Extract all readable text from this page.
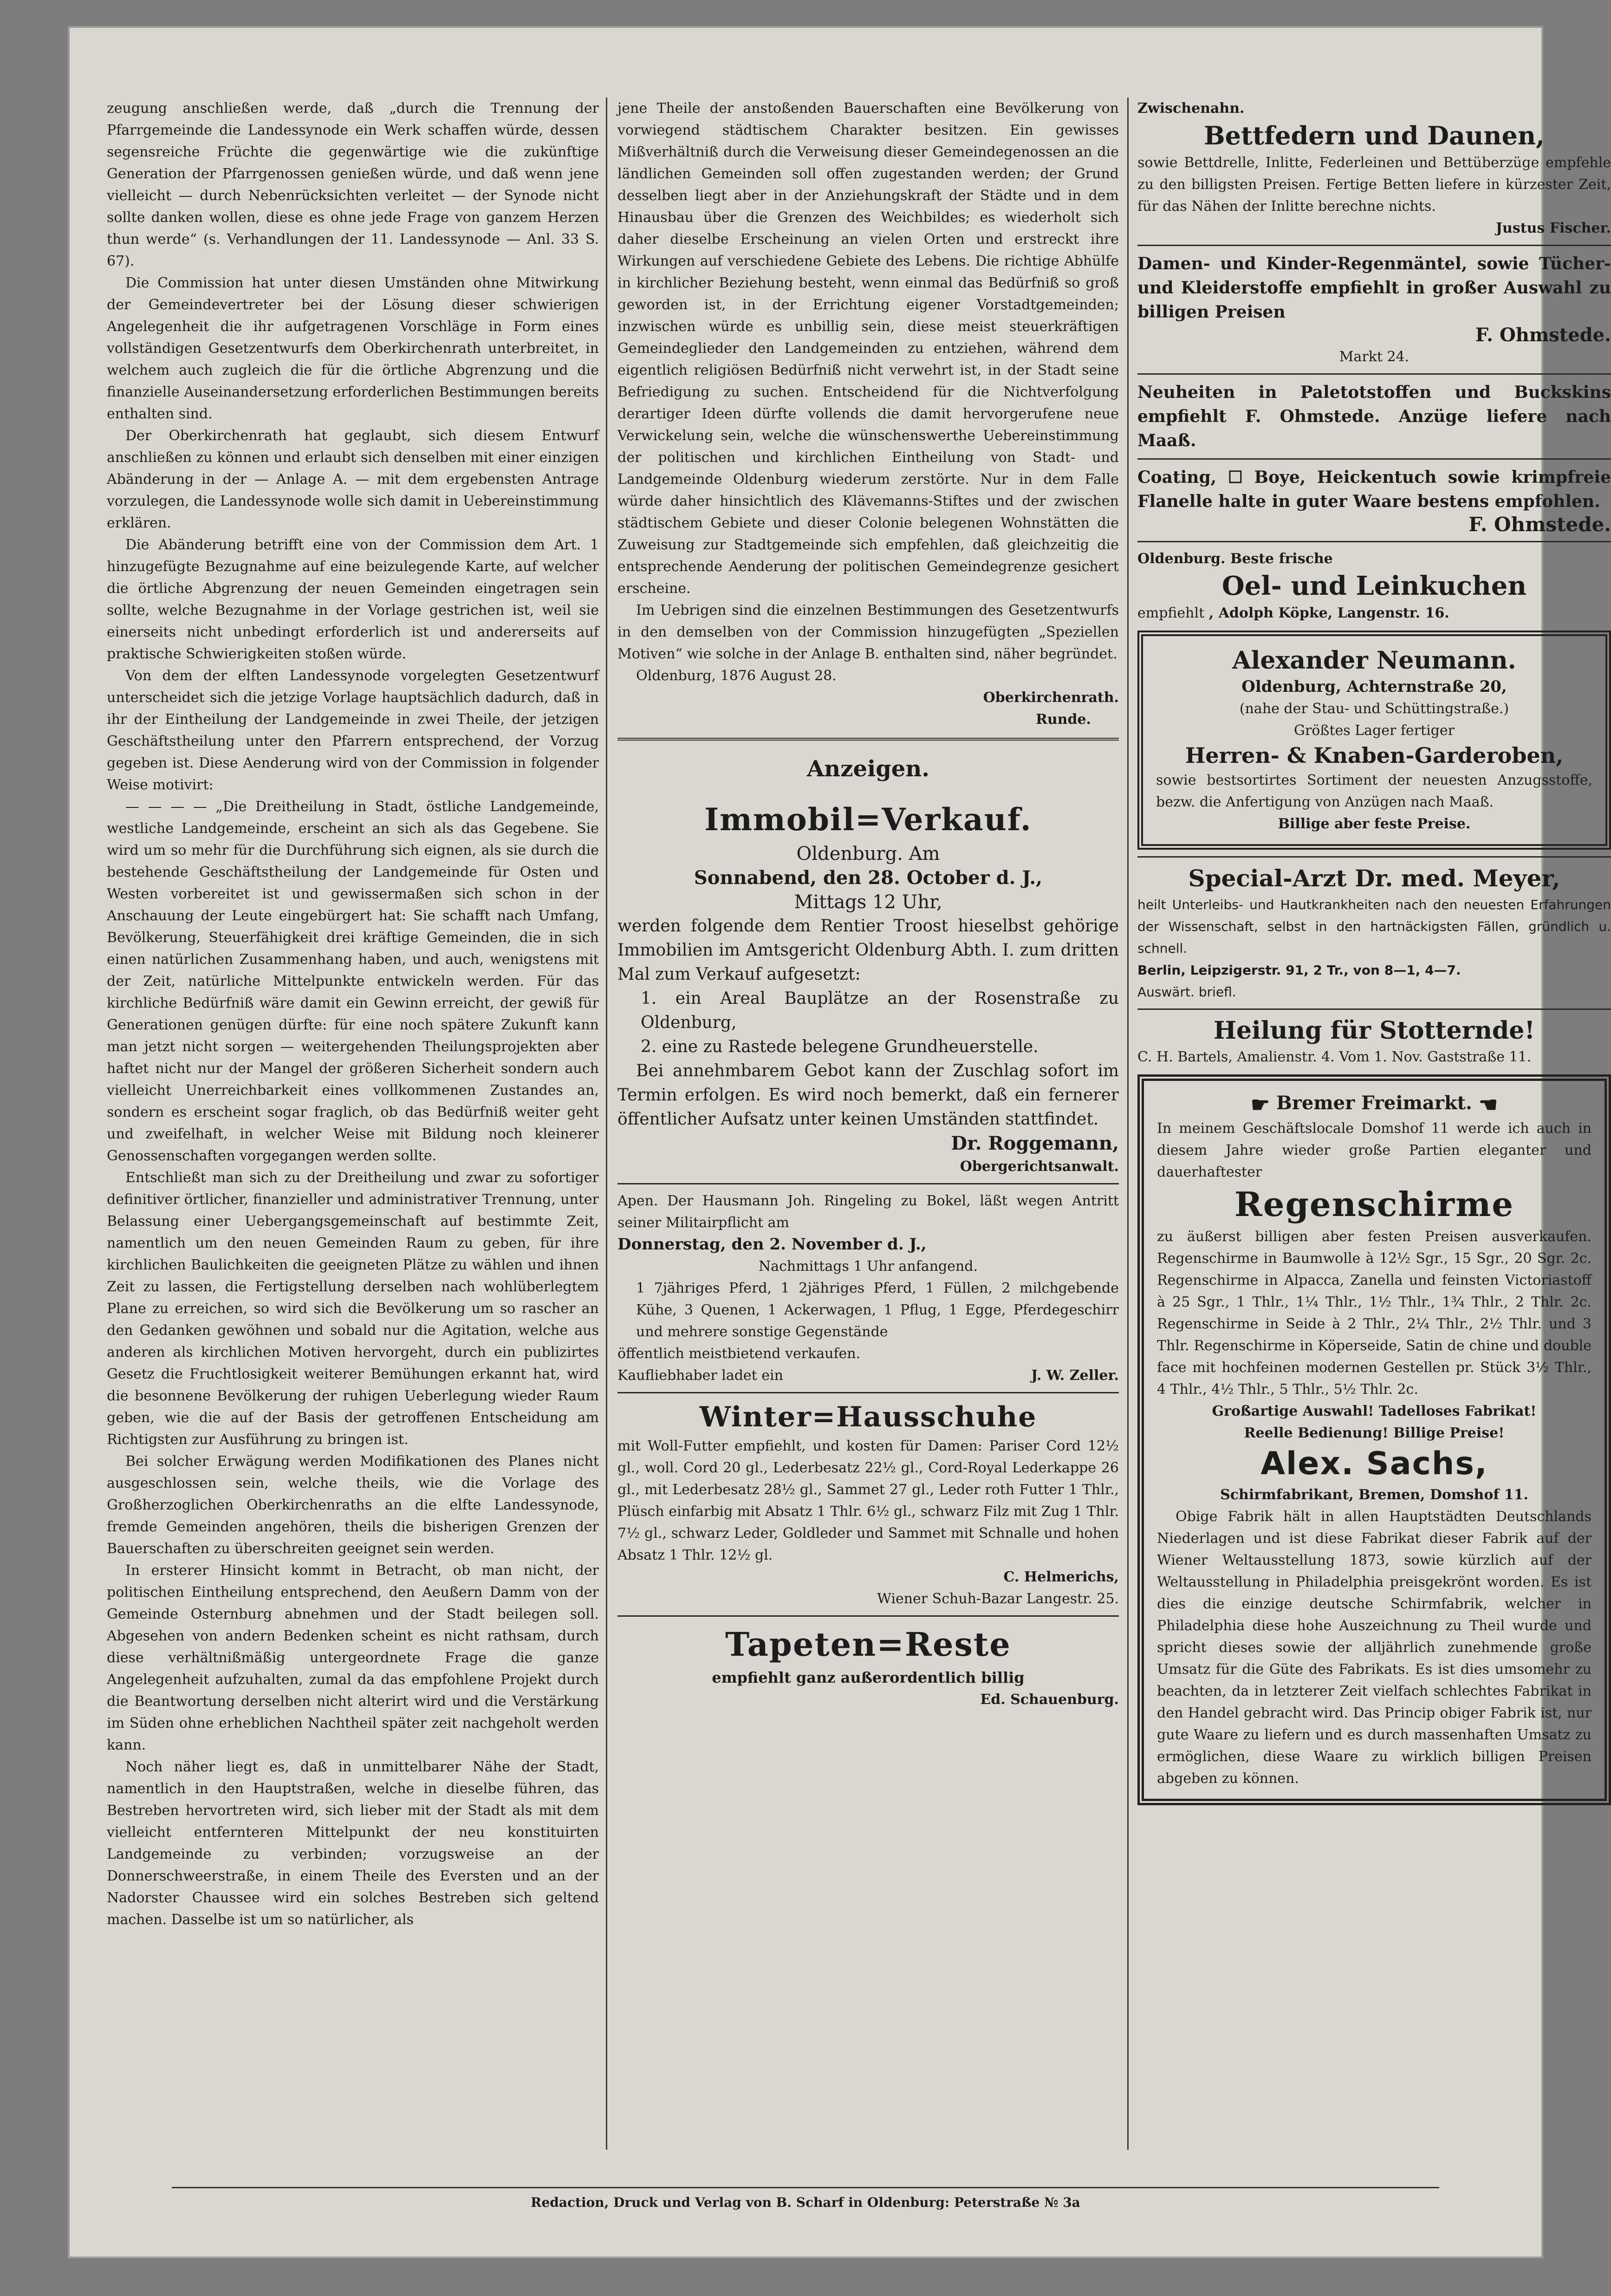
zeugung anschließen werde, daß „durch die Trennung der Pfarrgemeinde die Landessynode ein Werk schaffen würde, dessen segensreiche Früchte die gegenwärtige wie die zukünftige Generation der Pfarrgenossen genießen würde, und daß wenn jene vielleicht — durch Nebenrücksichten verleitet — der Synode nicht sollte danken wollen, diese es ohne jede Frage von ganzem Herzen thun werde“ (s. Verhandlungen der 11. Landessynode — Anl. 33 S. 67).

Die Commission hat unter diesen Umständen ohne Mitwirkung der Gemeindevertreter bei der Lösung dieser schwierigen Angelegenheit die ihr aufgetragenen Vorschläge in Form eines vollständigen Gesetzentwurfs dem Oberkirchenrath unterbreitet, in welchem auch zugleich die für die örtliche Abgrenzung und die finanzielle Auseinandersetzung erforderlichen Bestimmungen bereits enthalten sind.

Der Oberkirchenrath hat geglaubt, sich diesem Entwurf anschließen zu können und erlaubt sich denselben mit einer einzigen Abänderung in der — Anlage A. — mit dem ergebensten Antrage vorzulegen, die Landessynode wolle sich damit in Uebereinstimmung erklären.

Die Abänderung betrifft eine von der Commission dem Art. 1 hinzugefügte Bezugnahme auf eine beizulegende Karte, auf welcher die örtliche Abgrenzung der neuen Gemeinden eingetragen sein sollte, welche Bezugnahme in der Vorlage gestrichen ist, weil sie einerseits nicht unbedingt erforderlich ist und andererseits auf praktische Schwierigkeiten stoßen würde.

Von dem der elften Landessynode vorgelegten Gesetzentwurf unterscheidet sich die jetzige Vorlage hauptsächlich dadurch, daß in ihr der Eintheilung der Landgemeinde in zwei Theile, der jetzigen Geschäftstheilung unter den Pfarrern entsprechend, der Vorzug gegeben ist. Diese Aenderung wird von der Commission in folgender Weise motivirt:

— — — — „Die Dreitheilung in Stadt, östliche Landgemeinde, westliche Landgemeinde, erscheint an sich als das Gegebene. Sie wird um so mehr für die Durchführung sich eignen, als sie durch die bestehende Geschäftstheilung der Landgemeinde für Osten und Westen vorbereitet ist und gewissermaßen sich schon in der Anschauung der Leute eingebürgert hat: Sie schafft nach Umfang, Bevölkerung, Steuerfähigkeit drei kräftige Gemeinden, die in sich einen natürlichen Zusammenhang haben, und auch, wenigstens mit der Zeit, natürliche Mittelpunkte entwickeln werden. Für das kirchliche Bedürfniß wäre damit ein Gewinn erreicht, der gewiß für Generationen genügen dürfte: für eine noch spätere Zukunft kann man jetzt nicht sorgen — weitergehenden Theilungsprojekten aber haftet nicht nur der Mangel der größeren Sicherheit sondern auch vielleicht Unerreichbarkeit eines vollkommenen Zustandes an, sondern es erscheint sogar fraglich, ob das Bedürfniß weiter geht und zweifelhaft, in welcher Weise mit Bildung noch kleinerer Genossenschaften vorgegangen werden sollte.

Entschließt man sich zu der Dreitheilung und zwar zu sofortiger definitiver örtlicher, finanzieller und administrativer Trennung, unter Belassung einer Uebergangsgemeinschaft auf bestimmte Zeit, namentlich um den neuen Gemeinden Raum zu geben, für ihre kirchlichen Baulichkeiten die geeigneten Plätze zu wählen und ihnen Zeit zu lassen, die Fertigstellung derselben nach wohlüberlegtem Plane zu erreichen, so wird sich die Bevölkerung um so rascher an den Gedanken gewöhnen und sobald nur die Agitation, welche aus anderen als kirchlichen Motiven hervorgeht, durch ein publizirtes Gesetz die Fruchtlosigkeit weiterer Bemühungen erkannt hat, wird die besonnene Bevölkerung der ruhigen Ueberlegung wieder Raum geben, wie die auf der Basis der getroffenen Entscheidung am Richtigsten zur Ausführung zu bringen ist.

Bei solcher Erwägung werden Modifikationen des Planes nicht ausgeschlossen sein, welche theils, wie die Vorlage des Großherzoglichen Oberkirchenraths an die elfte Landessynode, fremde Gemeinden angehören, theils die bisherigen Grenzen der Bauerschaften zu überschreiten geeignet sein werden.

In ersterer Hinsicht kommt in Betracht, ob man nicht, der politischen Eintheilung entsprechend, den Aeußern Damm von der Gemeinde Osternburg abnehmen und der Stadt beilegen soll. Abgesehen von andern Bedenken scheint es nicht rathsam, durch diese verhältnißmäßig untergeordnete Frage die ganze Angelegenheit aufzuhalten, zumal da das empfohlene Projekt durch die Beantwortung derselben nicht alterirt wird und die Verstärkung im Süden ohne erheblichen Nachtheil später zeit nachgeholt werden kann.

Noch näher liegt es, daß in unmittelbarer Nähe der Stadt, namentlich in den Hauptstraßen, welche in dieselbe führen, das Bestreben hervortreten wird, sich lieber mit der Stadt als mit dem vielleicht entfernteren Mittelpunkt der neu konstituirten Landgemeinde zu verbinden; vorzugsweise an der Donnerschweerstraße, in einem Theile des Eversten und an der Nadorster Chaussee wird ein solches Bestreben sich geltend machen. Dasselbe ist um so natürlicher, als

jene Theile der anstoßenden Bauerschaften eine Bevölkerung von vorwiegend städtischem Charakter besitzen. Ein gewisses Mißverhältniß durch die Verweisung dieser Gemeindegenossen an die ländlichen Gemeinden soll offen zugestanden werden; der Grund desselben liegt aber in der Anziehungskraft der Städte und in dem Hinausbau über die Grenzen des Weichbildes; es wiederholt sich daher dieselbe Erscheinung an vielen Orten und erstreckt ihre Wirkungen auf verschiedene Gebiete des Lebens. Die richtige Abhülfe in kirchlicher Beziehung besteht, wenn einmal das Bedürfniß so groß geworden ist, in der Errichtung eigener Vorstadtgemeinden; inzwischen würde es unbillig sein, diese meist steuerkräftigen Gemeindeglieder den Landgemeinden zu entziehen, während dem eigentlich religiösen Bedürfniß nicht verwehrt ist, in der Stadt seine Befriedigung zu suchen. Entscheidend für die Nichtverfolgung derartiger Ideen dürfte vollends die damit hervorgerufene neue Verwickelung sein, welche die wünschenswerthe Uebereinstimmung der politischen und kirchlichen Eintheilung von Stadt- und Landgemeinde Oldenburg wiederum zerstörte. Nur in dem Falle würde daher hinsichtlich des Klävemanns-Stiftes und der zwischen städtischem Gebiete und dieser Colonie belegenen Wohnstätten die Zuweisung zur Stadtgemeinde sich empfehlen, daß gleichzeitig die entsprechende Aenderung der politischen Gemeindegrenze gesichert erscheine.

Im Uebrigen sind die einzelnen Bestimmungen des Gesetzentwurfs in den demselben von der Commission hinzugefügten „Speziellen Motiven“ wie solche in der Anlage B. enthalten sind, näher begründet.

Oldenburg, 1876 August 28.

Oberkirchenrath.
Runde.
Anzeigen.
Immobil=Verkauf.
Oldenburg. Am
Sonnabend, den 28. October d. J.,
Mittags 12 Uhr,
werden folgende dem Rentier Troost hieselbst gehörige Immobilien im Amtsgericht Oldenburg Abth. I. zum dritten Mal zum Verkauf aufgesetzt:
1. ein Areal Bauplätze an der Rosenstraße zu Oldenburg,
2. eine zu Rastede belegene Grundheuerstelle.
Bei annehmbarem Gebot kann der Zuschlag sofort im Termin erfolgen. Es wird noch bemerkt, daß ein fernerer öffentlicher Aufsatz unter keinen Umständen stattfindet.
Dr. Roggemann,
Obergerichtsanwalt.
Apen. Der Hausmann Joh. Ringeling zu Bokel, läßt wegen Antritt seiner Militairpflicht am
Donnerstag, den 2. November d. J.,
Nachmittags 1 Uhr anfangend.
1 7jähriges Pferd, 1 2jähriges Pferd, 1 Füllen, 2 milchgebende Kühe, 3 Quenen, 1 Ackerwagen, 1 Pflug, 1 Egge, Pferdegeschirr und mehrere sonstige Gegenstände
öffentlich meistbietend verkaufen.
Kaufliebhaber ladet ein	J. W. Zeller.
Winter=Hausschuhe
mit Woll-Futter empfiehlt, und kosten für Damen: Pariser Cord 12½ gl., woll. Cord 20 gl., Lederbesatz 22½ gl., Cord-Royal Lederkappe 26 gl., mit Lederbesatz 28½ gl., Sammet 27 gl., Leder roth Futter 1 Thlr., Plüsch einfarbig mit Absatz 1 Thlr. 6½ gl., schwarz Filz mit Zug 1 Thlr. 7½ gl., schwarz Leder, Goldleder und Sammet mit Schnalle und hohen Absatz 1 Thlr. 12½ gl.
C. Helmerichs,
Wiener Schuh-Bazar Langestr. 25.
Tapeten=Reste
empfiehlt ganz außerordentlich billig
Ed. Schauenburg.
Zwischenahn.
Bettfedern und Daunen,
sowie Bettdrelle, Inlitte, Federleinen und Bettüberzüge empfehle zu den billigsten Preisen. Fertige Betten liefere in kürzester Zeit, für das Nähen der Inlitte berechne nichts.
Justus Fischer.
Damen- und Kinder-Regenmäntel, sowie Tücher- und Kleiderstoffe empfiehlt in großer Auswahl zu billigen Preisen
F. Ohmstede.
Markt 24.
Neuheiten in Paletotstoffen und Buckskins empfiehlt F. Ohmstede. Anzüge liefere nach Maaß.
Coating, ☐ Boye, Heickentuch sowie krimpfreie Flanelle halte in guter Waare bestens empfohlen.
F. Ohmstede.
Oldenburg. Beste frische
Oel- und Leinkuchen
empfiehlt , Adolph Köpke, Langenstr. 16.
Alexander Neumann.
Oldenburg, Achternstraße 20,
(nahe der Stau- und Schüttingstraße.)
Größtes Lager fertiger
Herren- & Knaben-Garderoben,
sowie bestsortirtes Sortiment der neuesten Anzugsstoffe, bezw. die Anfertigung von Anzügen nach Maaß.
Billige aber feste Preise.
Special-Arzt Dr. med. Meyer,
heilt Unterleibs- und Hautkrankheiten nach den neuesten Erfahrungen der Wissenschaft, selbst in den hartnäckigsten Fällen, gründlich u. schnell.
Berlin, Leipzigerstr. 91, 2 Tr., von 8—1, 4—7.
Auswärt. briefl.
Heilung für Stotternde!
C. H. Bartels, Amalienstr. 4. Vom 1. Nov. Gaststraße 11.
☛ Bremer Freimarkt. ☚
In meinem Geschäftslocale Domshof 11 werde ich auch in diesem Jahre wieder große Partien eleganter und dauerhaftester
Regenschirme
zu äußerst billigen aber festen Preisen ausverkaufen. Regenschirme in Baumwolle à 12½ Sgr., 15 Sgr., 20 Sgr. 2c. Regenschirme in Alpacca, Zanella und feinsten Victoriastoff à 25 Sgr., 1 Thlr., 1¼ Thlr., 1½ Thlr., 1¾ Thlr., 2 Thlr. 2c. Regenschirme in Seide à 2 Thlr., 2¼ Thlr., 2½ Thlr. und 3 Thlr. Regenschirme in Köperseide, Satin de chine und double face mit hochfeinen modernen Gestellen pr. Stück 3½ Thlr., 4 Thlr., 4½ Thlr., 5 Thlr., 5½ Thlr. 2c.
Großartige Auswahl! Tadelloses Fabrikat!
Reelle Bedienung! Billige Preise!
Alex. Sachs,
Schirmfabrikant, Bremen, Domshof 11.
Obige Fabrik hält in allen Hauptstädten Deutschlands Niederlagen und ist diese Fabrikat dieser Fabrik auf der Wiener Weltausstellung 1873, sowie kürzlich auf der Weltausstellung in Philadelphia preisgekrönt worden. Es ist dies die einzige deutsche Schirmfabrik, welcher in Philadelphia diese hohe Auszeichnung zu Theil wurde und spricht dieses sowie der alljährlich zunehmende große Umsatz für die Güte des Fabrikats. Es ist dies umsomehr zu beachten, da in letzterer Zeit vielfach schlechtes Fabrikat in den Handel gebracht wird. Das Princip obiger Fabrik ist, nur gute Waare zu liefern und es durch massenhaften Umsatz zu ermöglichen, diese Waare zu wirklich billigen Preisen abgeben zu können.
Redaction, Druck und Verlag von B. Scharf in Oldenburg: Peterstraße № 3a
